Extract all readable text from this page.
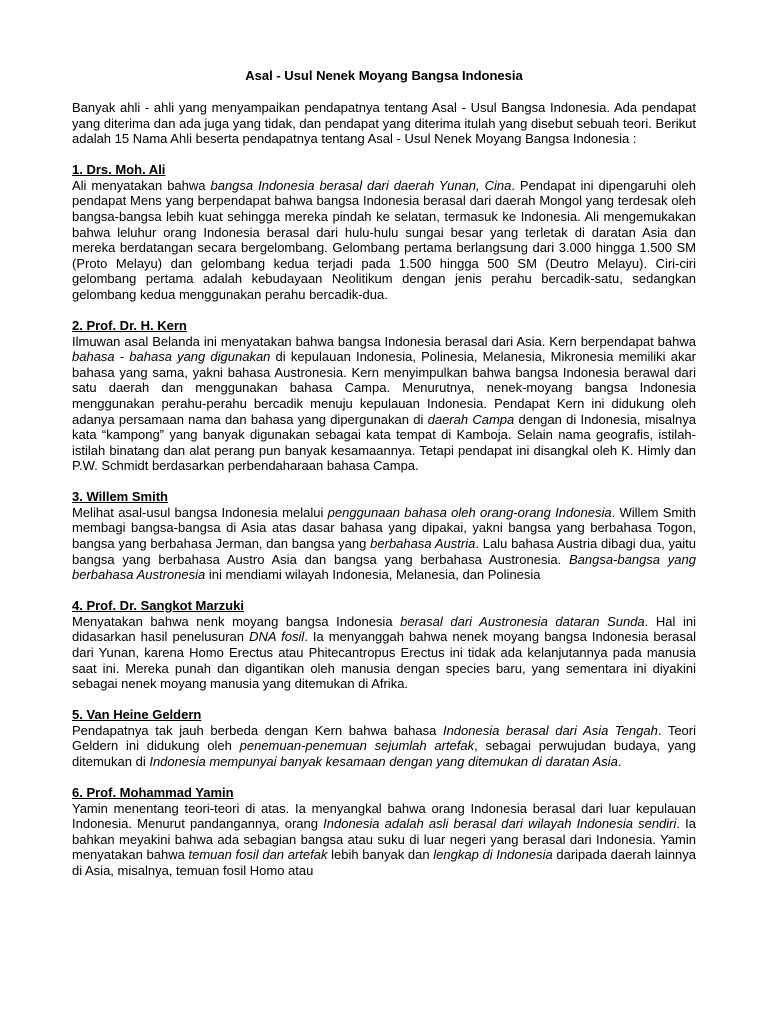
Asal - Usul Nenek Moyang Bangsa Indonesia

Banyak ahli - ahli yang menyampaikan pendapatnya tentang Asal - Usul Bangsa Indonesia. Ada pendapat yang diterima dan ada juga yang tidak, dan pendapat yang diterima itulah yang disebut sebuah teori. Berikut adalah 15 Nama Ahli beserta pendapatnya tentang Asal - Usul Nenek Moyang Bangsa Indonesia :

1. Drs. Moh. Ali

Ali menyatakan bahwa bangsa Indonesia berasal dari daerah Yunan, Cina. Pendapat ini dipengaruhi oleh pendapat Mens yang berpendapat bahwa bangsa Indonesia berasal dari daerah Mongol yang terdesak oleh bangsa-bangsa lebih kuat sehingga mereka pindah ke selatan, termasuk ke Indonesia. Ali mengemukakan bahwa leluhur orang Indonesia berasal dari hulu-hulu sungai besar yang terletak di daratan Asia dan mereka berdatangan secara bergelombang. Gelombang pertama berlangsung dari 3.000 hingga 1.500 SM (Proto Melayu) dan gelombang kedua terjadi pada 1.500 hingga 500 SM (Deutro Melayu). Ciri-ciri gelombang pertama adalah kebudayaan Neolitikum dengan jenis perahu bercadik-satu, sedangkan gelombang kedua menggunakan perahu bercadik-dua.

2. Prof. Dr. H. Kern

Ilmuwan asal Belanda ini menyatakan bahwa bangsa Indonesia berasal dari Asia. Kern berpendapat bahwa bahasa - bahasa yang digunakan di kepulauan Indonesia, Polinesia, Melanesia, Mikronesia memiliki akar bahasa yang sama, yakni bahasa Austronesia. Kern menyimpulkan bahwa bangsa Indonesia berawal dari satu daerah dan menggunakan bahasa Campa. Menurutnya, nenek-moyang bangsa Indonesia menggunakan perahu-perahu bercadik menuju kepulauan Indonesia. Pendapat Kern ini didukung oleh adanya persamaan nama dan bahasa yang dipergunakan di daerah Campa dengan di Indonesia, misalnya kata “kampong” yang banyak digunakan sebagai kata tempat di Kamboja. Selain nama geografis, istilah-istilah binatang dan alat perang pun banyak kesamaannya. Tetapi pendapat ini disangkal oleh K. Himly dan P.W. Schmidt berdasarkan perbendaharaan bahasa Campa.

3. Willem Smith

Melihat asal-usul bangsa Indonesia melalui penggunaan bahasa oleh orang-orang Indonesia. Willem Smith membagi bangsa-bangsa di Asia atas dasar bahasa yang dipakai, yakni bangsa yang berbahasa Togon, bangsa yang berbahasa Jerman, dan bangsa yang berbahasa Austria. Lalu bahasa Austria dibagi dua, yaitu bangsa yang berbahasa Austro Asia dan bangsa yang berbahasa Austronesia. Bangsa-bangsa yang berbahasa Austronesia ini mendiami wilayah Indonesia, Melanesia, dan Polinesia

4. Prof. Dr. Sangkot Marzuki

Menyatakan bahwa nenk moyang bangsa Indonesia berasal dari Austronesia dataran Sunda. Hal ini didasarkan hasil penelusuran DNA fosil. Ia menyanggah bahwa nenek moyang bangsa Indonesia berasal dari Yunan, karena Homo Erectus atau Phitecantropus Erectus ini tidak ada kelanjutannya pada manusia saat ini. Mereka punah dan digantikan oleh manusia dengan species baru, yang sementara ini diyakini sebagai nenek moyang manusia yang ditemukan di Afrika.

5. Van Heine Geldern

Pendapatnya tak jauh berbeda dengan Kern bahwa bahasa Indonesia berasal dari Asia Tengah. Teori Geldern ini didukung oleh penemuan-penemuan sejumlah artefak, sebagai perwujudan budaya, yang ditemukan di Indonesia mempunyai banyak kesamaan dengan yang ditemukan di daratan Asia.

6. Prof. Mohammad Yamin

Yamin menentang teori-teori di atas. Ia menyangkal bahwa orang Indonesia berasal dari luar kepulauan Indonesia. Menurut pandangannya, orang Indonesia adalah asli berasal dari wilayah Indonesia sendiri. Ia bahkan meyakini bahwa ada sebagian bangsa atau suku di luar negeri yang berasal dari Indonesia. Yamin menyatakan bahwa temuan fosil dan artefak lebih banyak dan lengkap di Indonesia daripada daerah lainnya di Asia, misalnya, temuan fosil Homo atau
